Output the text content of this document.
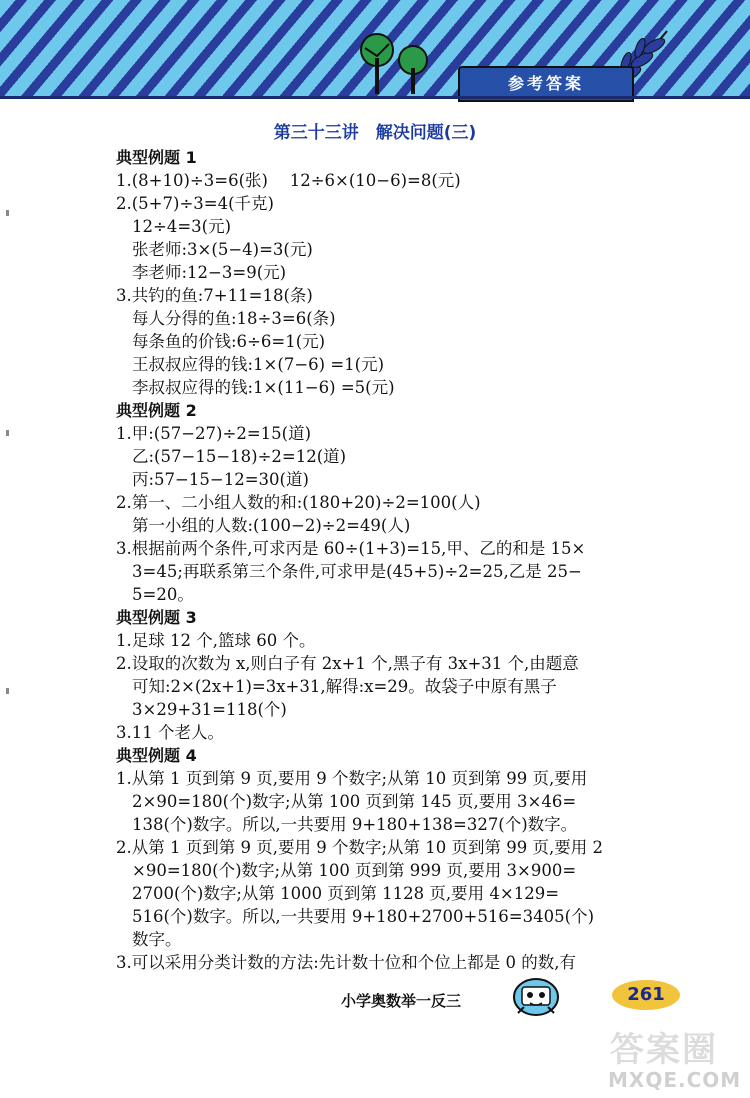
参考答案
第三十三讲　解决问题(三)
典型例题 1
1.(8+10)÷3=6(张)　 12÷6×(10−6)=8(元)
2.(5+7)÷3=4(千克)
12÷4=3(元)
张老师:3×(5−4)=3(元)
李老师:12−3=9(元)
3.共钓的鱼:7+11=18(条)
每人分得的鱼:18÷3=6(条)
每条鱼的价钱:6÷6=1(元)
王叔叔应得的钱:1×(7−6) =1(元)
李叔叔应得的钱:1×(11−6) =5(元)
典型例题 2
1.甲:(57−27)÷2=15(道)
乙:(57−15−18)÷2=12(道)
丙:57−15−12=30(道)
2.第一、二小组人数的和:(180+20)÷2=100(人)
第一小组的人数:(100−2)÷2=49(人)
3.根据前两个条件,可求丙是 60÷(1+3)=15,甲、乙的和是 15×
3=45;再联系第三个条件,可求甲是(45+5)÷2=25,乙是 25−
5=20。
典型例题 3
1.足球 12 个,篮球 60 个。
2.设取的次数为 x,则白子有 2x+1 个,黑子有 3x+31 个,由题意
可知:2×(2x+1)=3x+31,解得:x=29。故袋子中原有黑子
3×29+31=118(个)
3.11 个老人。
典型例题 4
1.从第 1 页到第 9 页,要用 9 个数字;从第 10 页到第 99 页,要用
2×90=180(个)数字;从第 100 页到第 145 页,要用 3×46=
138(个)数字。所以,一共要用 9+180+138=327(个)数字。
2.从第 1 页到第 9 页,要用 9 个数字;从第 10 页到第 99 页,要用 2
×90=180(个)数字;从第 100 页到第 999 页,要用 3×900=
2700(个)数字;从第 1000 页到第 1128 页,要用 4×129=
516(个)数字。所以,一共要用 9+180+2700+516=3405(个)
数字。
3.可以采用分类计数的方法:先计数十位和个位上都是 0 的数,有
小学奥数举一反三	261
答案圈
MXQE.COM
